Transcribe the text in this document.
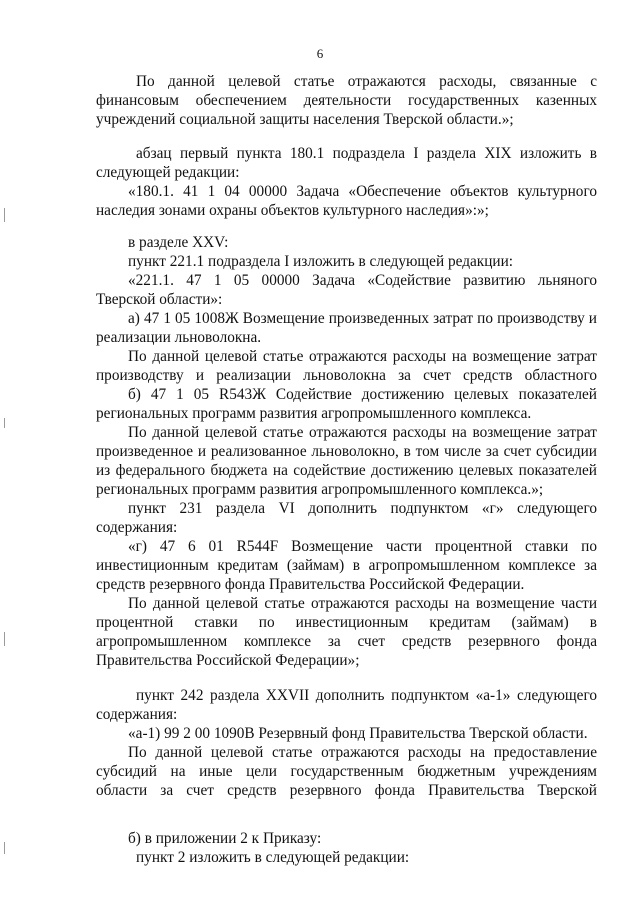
6
По данной целевой статье отражаются расходы, связанные с
финансовым обеспечением деятельности государственных казенных
учреждений социальной защиты населения Тверской области.»;
абзац первый пункта 180.1 подраздела I раздела XIX изложить в
следующей редакции:
«180.1. 41 1 04 00000 Задача «Обеспечение объектов культурного
наследия зонами охраны объектов культурного наследия»:»;
в разделе XXV:
пункт 221.1 подраздела I изложить в следующей редакции:
«221.1. 47 1 05 00000 Задача «Содействие развитию льняного
Тверской области»:
а) 47 1 05 1008Ж Возмещение произведенных затрат по производству и
реализации льноволокна.
По данной целевой статье отражаются расходы на возмещение затрат
производству и реализации льноволокна за счет средств областного
б) 47 1 05 R543Ж Содействие достижению целевых показателей
региональных программ развития агропромышленного комплекса.
По данной целевой статье отражаются расходы на возмещение затрат
произведенное и реализованное льноволокно, в том числе за счет субсидии
из федерального бюджета на содействие достижению целевых показателей
региональных программ развития агропромышленного комплекса.»;
пункт 231 раздела VI дополнить подпунктом «г» следующего
содержания:
«г) 47 6 01 R544F Возмещение части процентной ставки по
инвестиционным кредитам (займам) в агропромышленном комплексе за
средств резервного фонда Правительства Российской Федерации.
По данной целевой статье отражаются расходы на возмещение части
процентной ставки по инвестиционным кредитам (займам) в
агропромышленном комплексе за счет средств резервного фонда
Правительства Российской Федерации»;
пункт 242 раздела XXVII дополнить подпунктом «а-1» следующего
содержания:
«а-1) 99 2 00 1090В Резервный фонд Правительства Тверской области.
По данной целевой статье отражаются расходы на предоставление
субсидий на иные цели государственным бюджетным учреждениям
области за счет средств резервного фонда Правительства Тверской
б) в приложении 2 к Приказу:
пункт 2 изложить в следующей редакции:
